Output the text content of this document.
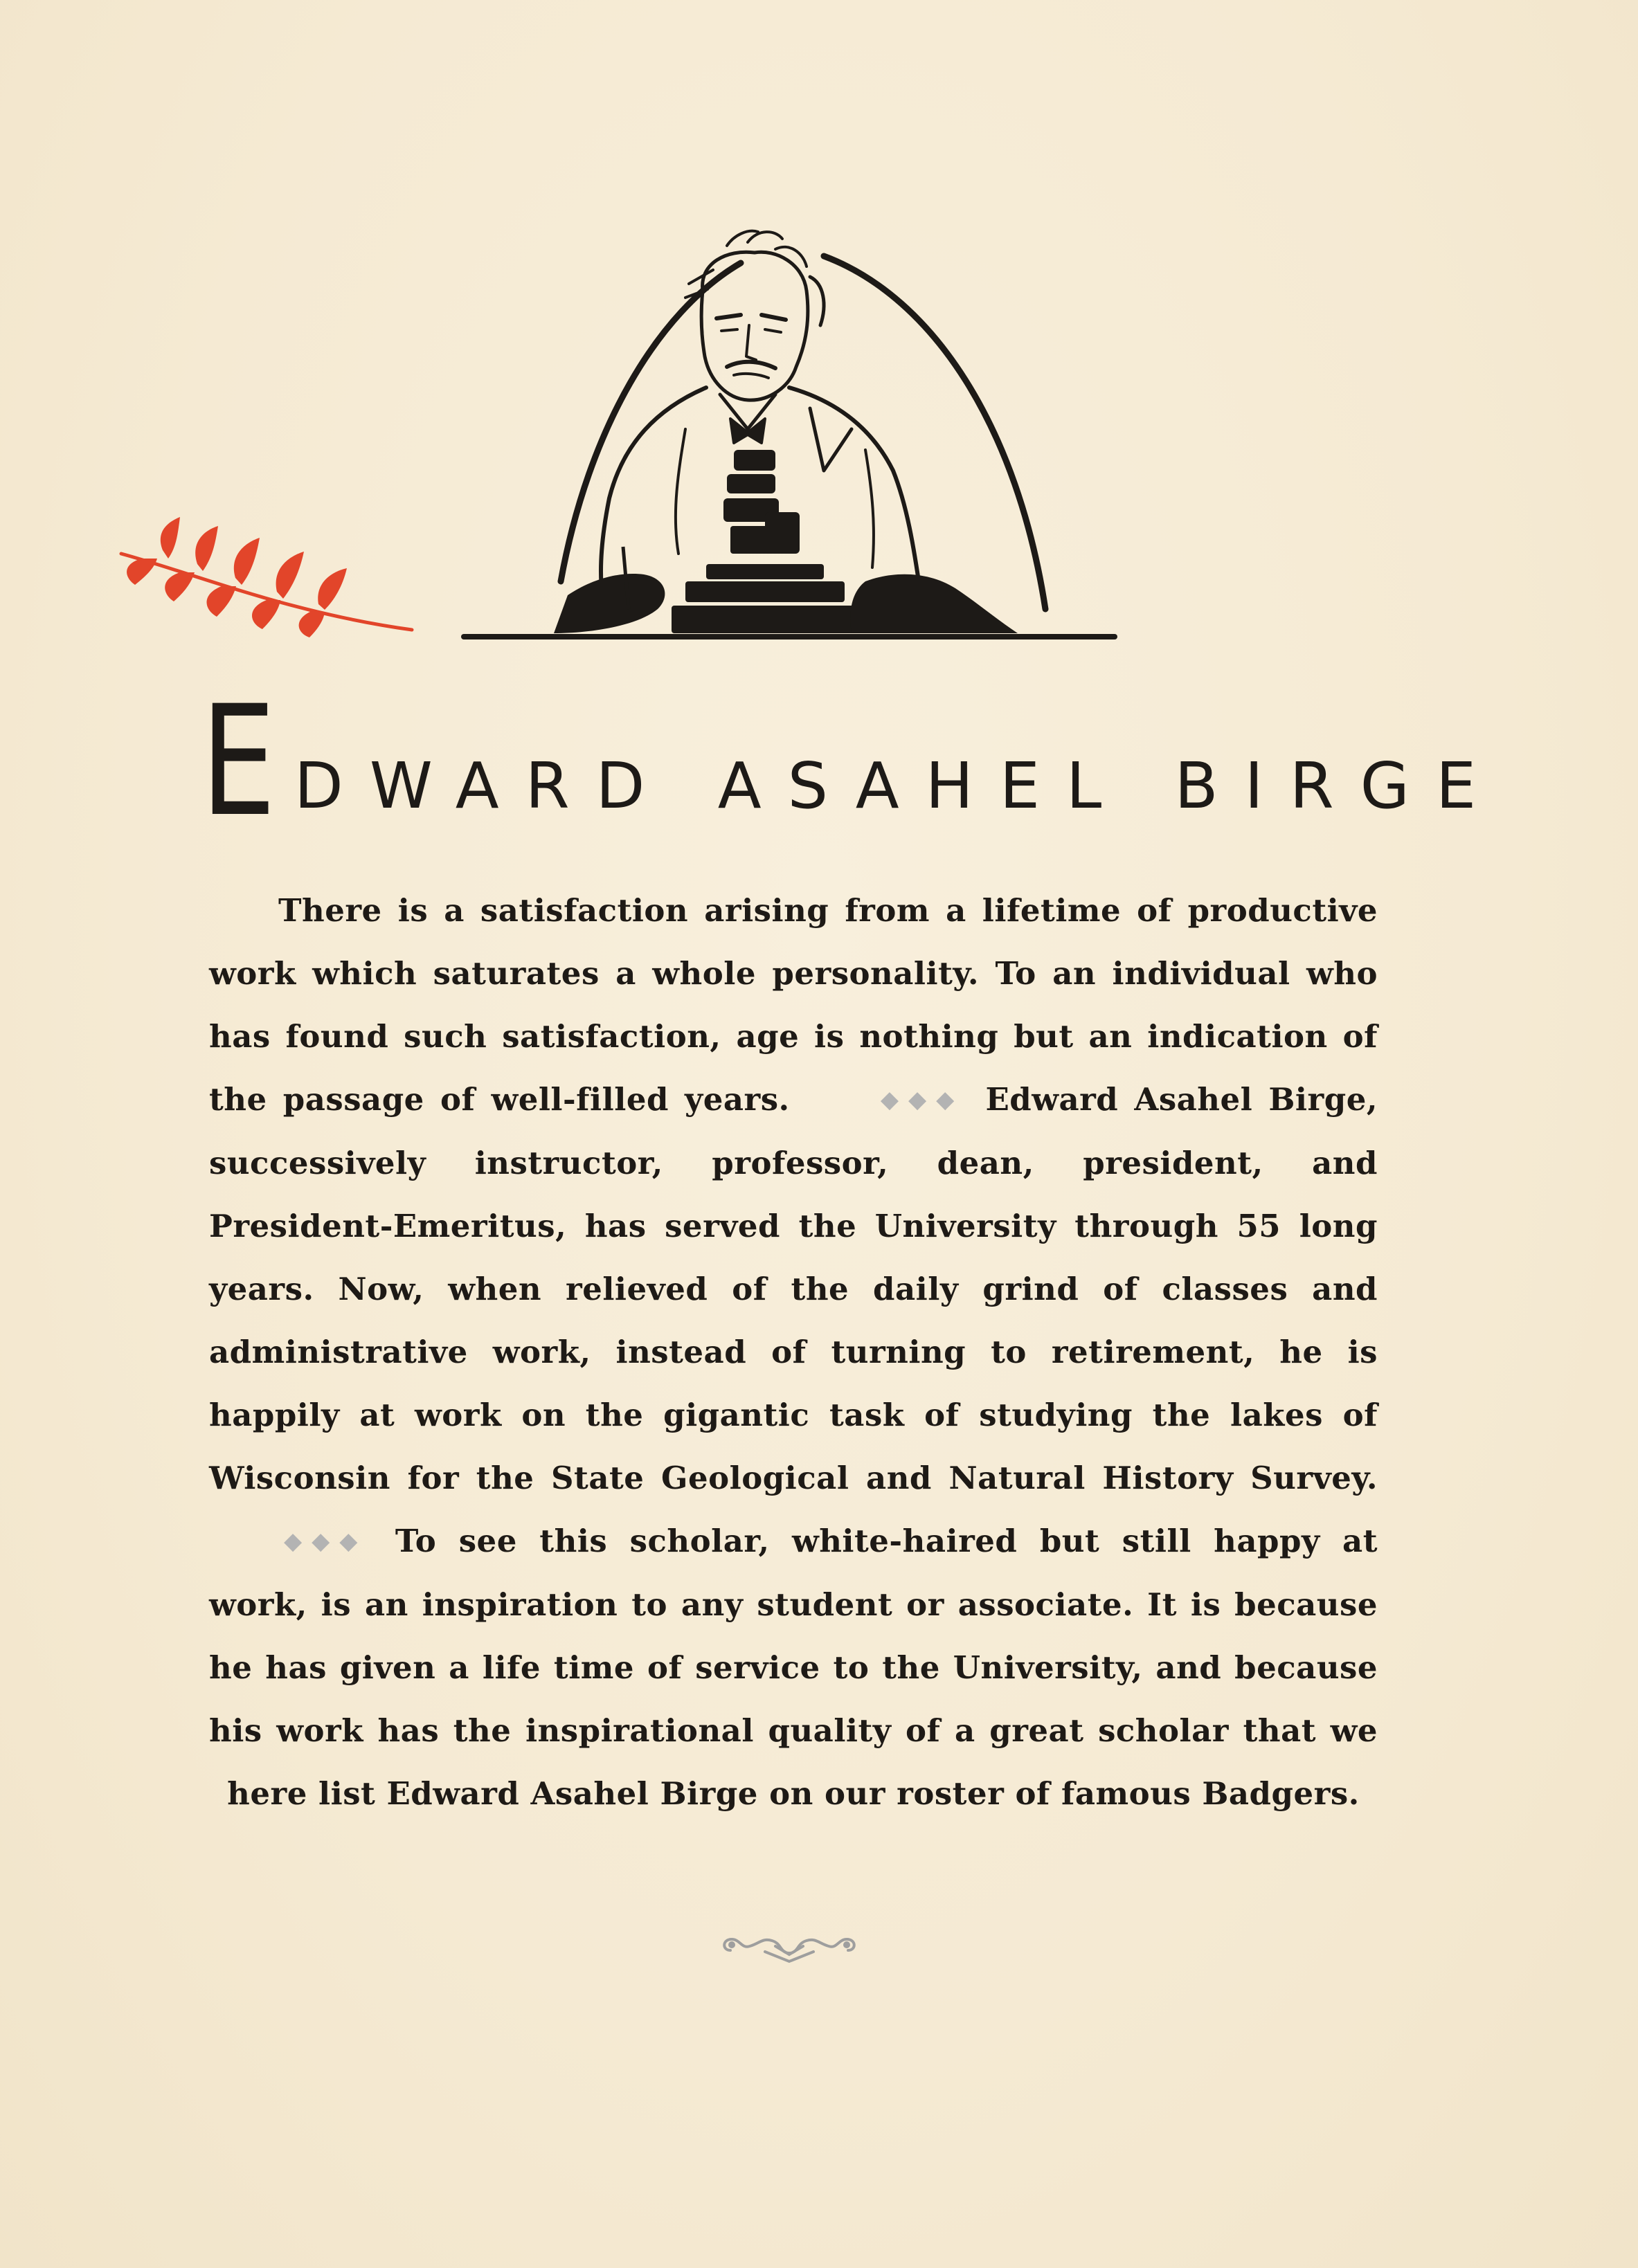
E DWARD ASAHEL BIRGE

There is a satisfaction arising from a lifetime of productive work which saturates a whole personality. To an individual who has found such satisfaction, age is nothing but an indication of the passage of well-filled years.	◆◆◆ Edward Asahel Birge, successively instructor, professor, dean, president, and President-Emeritus, has served the University through 55 long years. Now, when relieved of the daily grind of classes and administrative work, instead of turning to retirement, he is happily at work on the gigantic task of studying the lakes of Wisconsin for the State Geological and Natural History Survey. ◆◆◆ To see this scholar, white-haired but still happy at work, is an inspiration to any student or associate. It is because he has given a life time of service to the University, and because his work has the inspirational quality of a great scholar that we here list Edward Asahel Birge on our roster of famous Badgers.
